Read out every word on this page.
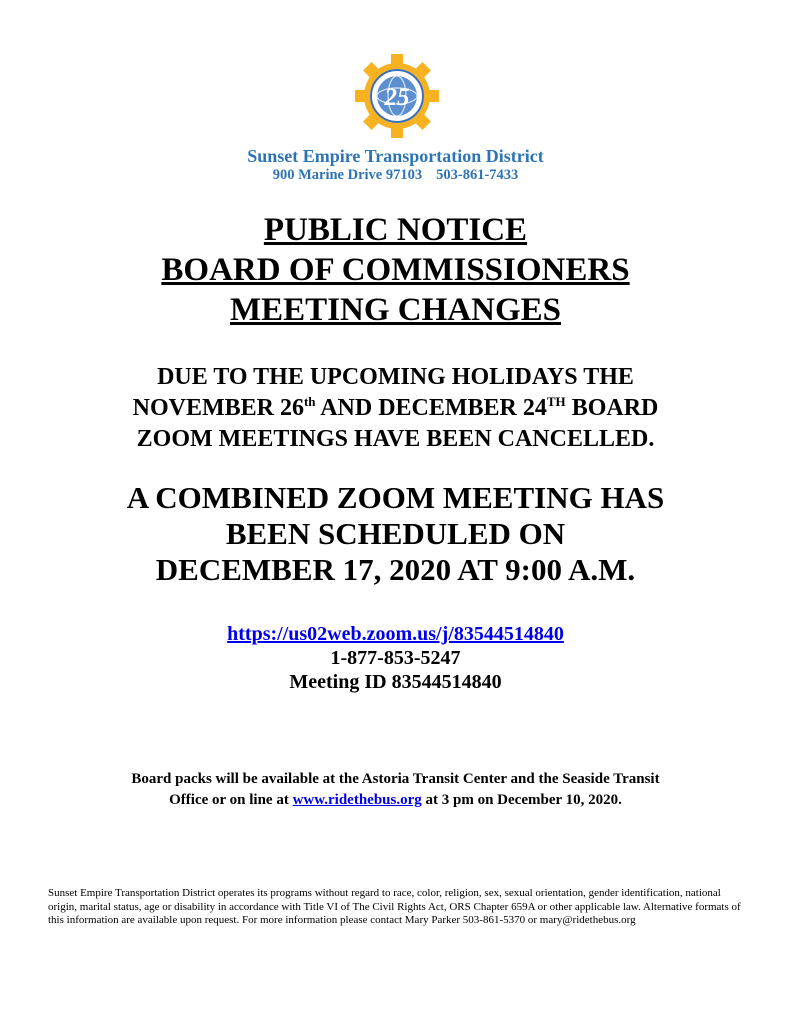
25
Sunset Empire Transportation District
900 Marine Drive 97103 503-861-7433
PUBLIC NOTICE
BOARD OF COMMISSIONERS
MEETING CHANGES
DUE TO THE UPCOMING HOLIDAYS THE
NOVEMBER 26th AND DECEMBER 24TH BOARD
ZOOM MEETINGS HAVE BEEN CANCELLED.
A COMBINED ZOOM MEETING HAS
BEEN SCHEDULED ON
DECEMBER 17, 2020 AT 9:00 A.M.
https://us02web.zoom.us/j/83544514840
1-877-853-5247
Meeting ID 83544514840
Board packs will be available at the Astoria Transit Center and the Seaside Transit
Office or on line at www.ridethebus.org at 3 pm on December 10, 2020.
Sunset Empire Transportation District operates its programs without regard to race, color, religion, sex, sexual orientation, gender identification, national origin, marital status, age or disability in accordance with Title VI of The Civil Rights Act, ORS Chapter 659A or other applicable law. Alternative formats of this information are available upon request. For more information please contact Mary Parker 503-861-5370 or mary@ridethebus.org
